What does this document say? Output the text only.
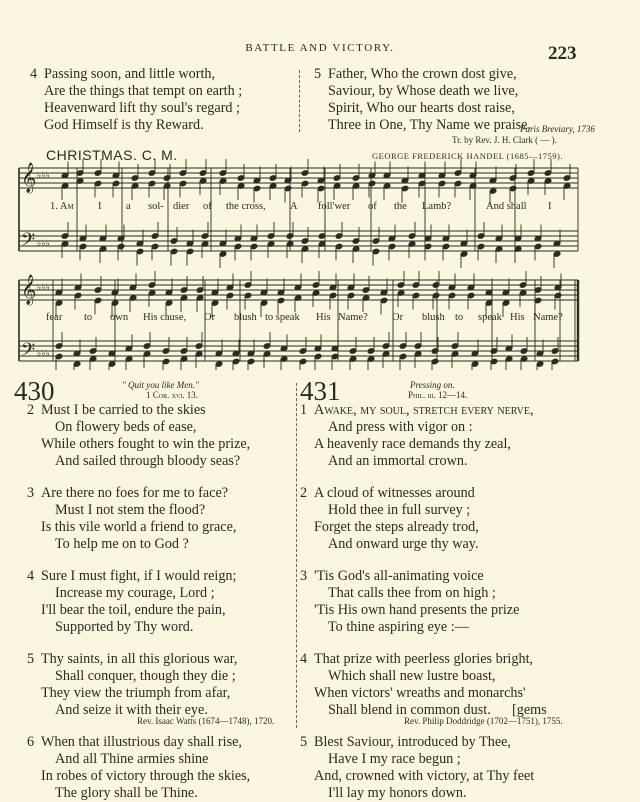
BATTLE AND VICTORY.	223
4 Passing soon, and little worth,
Are the things that tempt on earth ;
Heavenward lift thy soul's regard ;
God Himself is thy Reward.
5 Father, Who the crown dost give,
Saviour, by Whose death we live,
Spirit, Who our hearts dost raise,
Three in One, Thy Name we praise.
Paris Breviary, 1736
Tr. by Rev. J. H. Clark ( — ).
CHRISTMAS. C. M.	GEORGE FREDERICK HANDEL (1685—1759).
𝄞
𝄢
𝄞
𝄢
♭♭♭
♭♭♭
♭♭♭
♭♭♭
1. Am I a sol- dier of the cross, A foll'wer of the Lamb?	And shall I
fear to own His cause, Or blush to speak His Name? Or blush to speak His Name?
430	" Quit you like Men."
1 Cor. xvi. 13.
2 Must I be carried to the skies
On flowery beds of ease,
While others fought to win the prize,
And sailed through bloody seas?
3 Are there no foes for me to face?
Must I not stem the flood?
Is this vile world a friend to grace,
To help me on to God ?
4 Sure I must fight, if I would reign;
Increase my courage, Lord ;
I'll bear the toil, endure the pain,
Supported by Thy word.
5 Thy saints, in all this glorious war,
Shall conquer, though they die ;
They view the triumph from afar,
And seize it with their eye.
6 When that illustrious day shall rise,
And all Thine armies shine
In robes of victory through the skies,
The glory shall be Thine.
Rev. Isaac Watts (1674—1748), 1720.
431	Pressing on.
Phil. iii. 12—14.
1 Awake, my soul, stretch every nerve,
And press with vigor on :
A heavenly race demands thy zeal,
And an immortal crown.
2 A cloud of witnesses around
Hold thee in full survey ;
Forget the steps already trod,
And onward urge thy way.
3 'Tis God's all-animating voice
That calls thee from on high ;
'Tis His own hand presents the prize
To thine aspiring eye :—
4 That prize with peerless glories bright,
Which shall new lustre boast,
When victors' wreaths and monarchs'
Shall blend in common dust.      [gems
5 Blest Saviour, introduced by Thee,
Have I my race begun ;
And, crowned with victory, at Thy feet
I'll lay my honors down.
Rev. Philip Doddridge (1702—1751), 1755.
